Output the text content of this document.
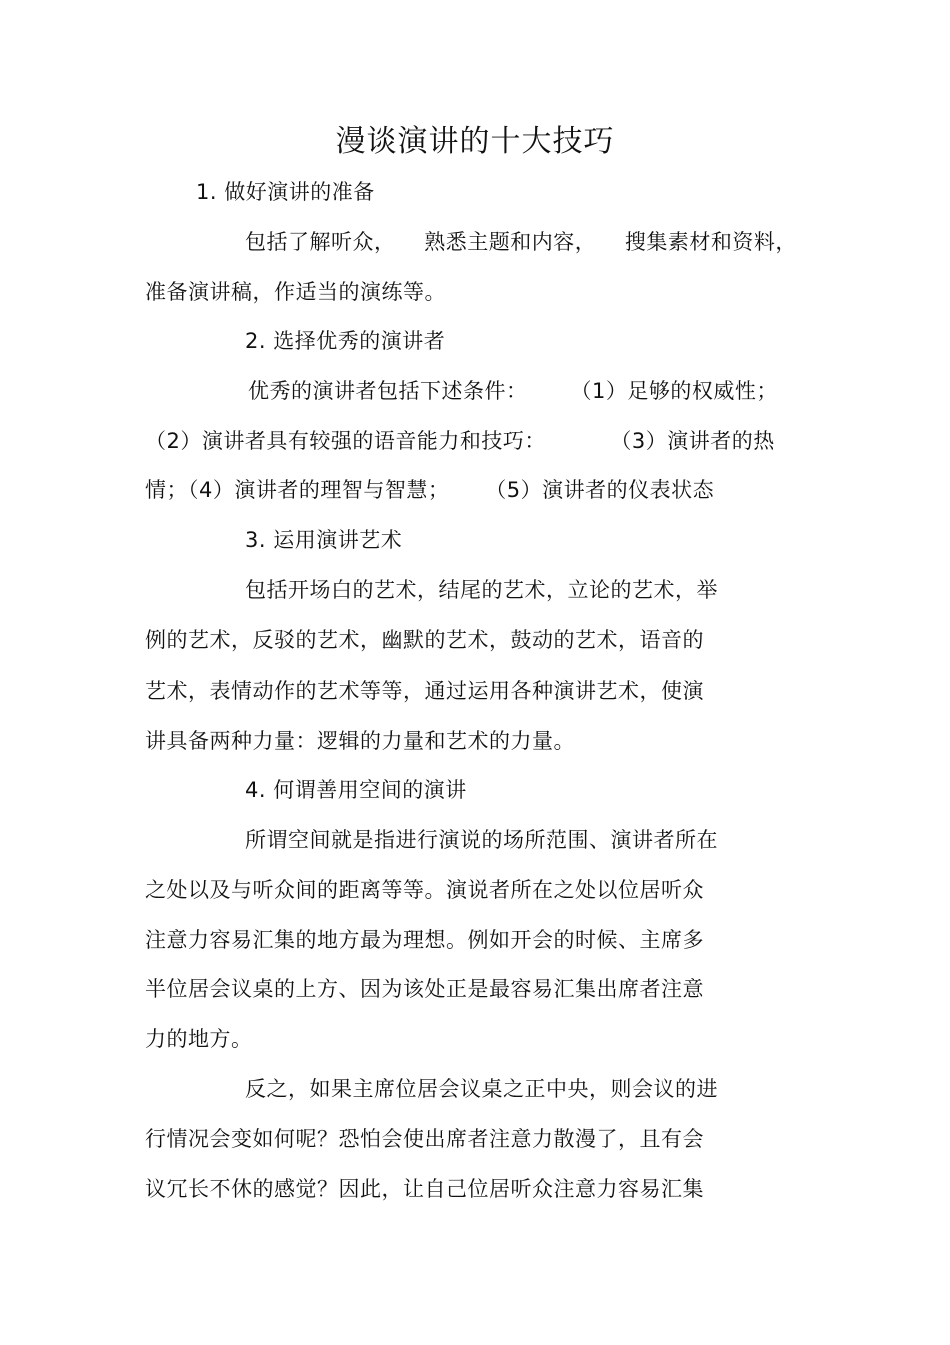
漫谈演讲的十大技巧
1. 做好演讲的准备
包括了解听众，    熟悉主题和内容，    搜集素材和资料，
准备演讲稿，作适当的演练等。
2. 选择优秀的演讲者
优秀的演讲者包括下述条件：      （1）足够的权威性；
（2）演讲者具有较强的语音能力和技巧：         （3）演讲者的热
情；（4）演讲者的理智与智慧；     （5）演讲者的仪表状态
3. 运用演讲艺术
包括开场白的艺术，结尾的艺术，立论的艺术，举
例的艺术，反驳的艺术，幽默的艺术，鼓动的艺术，语音的
艺术，表情动作的艺术等等，通过运用各种演讲艺术，使演
讲具备两种力量：逻辑的力量和艺术的力量。
4. 何谓善用空间的演讲
所谓空间就是指进行演说的场所范围、演讲者所在
之处以及与听众间的距离等等。演说者所在之处以位居听众
注意力容易汇集的地方最为理想。例如开会的时候、主席多
半位居会议桌的上方、因为该处正是最容易汇集出席者注意
力的地方。
反之，如果主席位居会议桌之正中央，则会议的进
行情况会变如何呢？恐怕会使出席者注意力散漫了，且有会
议冗长不休的感觉？因此，让自己位居听众注意力容易汇集
